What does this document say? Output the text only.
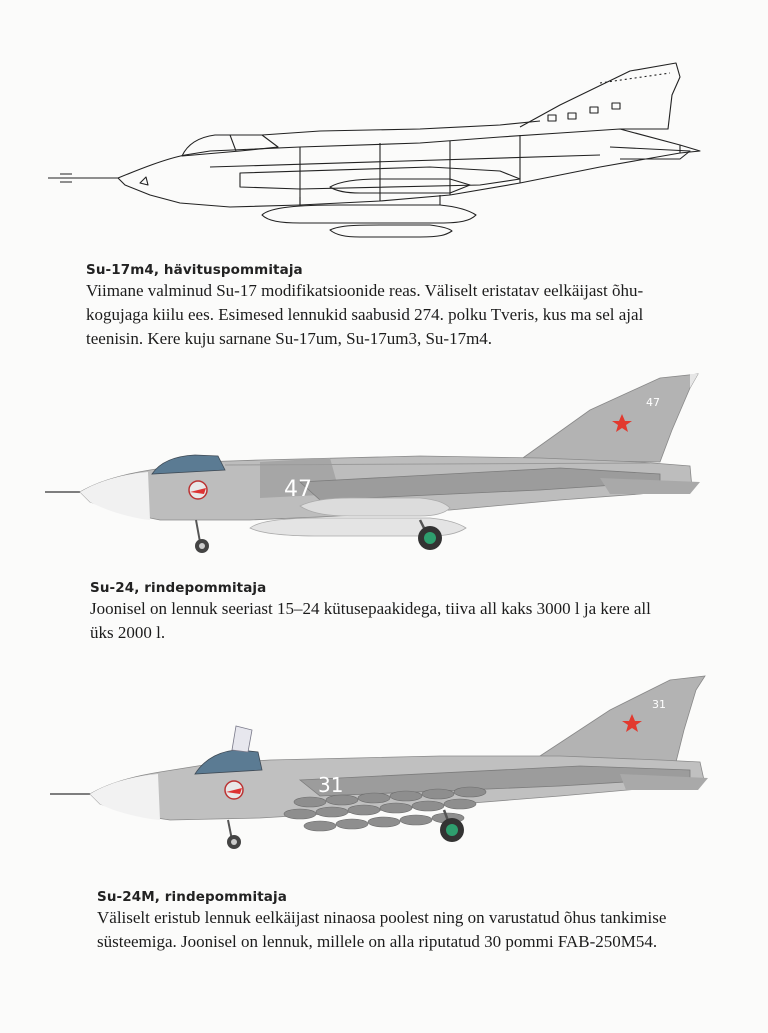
Su-17m4, hävituspommitaja

Viimane valminud Su-17 modifikatsioonide reas. Väliselt eristatav eelkäijast õhu-

kogujaga kiilu ees. Esimesed lennukid saabusid 274. polku Tveris, kus ma sel ajal

teenisin. Kere kuju sarnane Su-17um, Su-17um3, Su-17m4.

47
47
Su-24, rindepommitaja

Joonisel on lennuk seeriast 15–24 kütusepaakidega, tiiva all kaks 3000 l ja kere all

üks 2000 l.

31
31
Su-24M, rindepommitaja

Väliselt eristub lennuk eelkäijast ninaosa poolest ning on varustatud õhus tankimise

süsteemiga. Joonisel on lennuk, millele on alla riputatud 30 pommi FAB-250M54.
